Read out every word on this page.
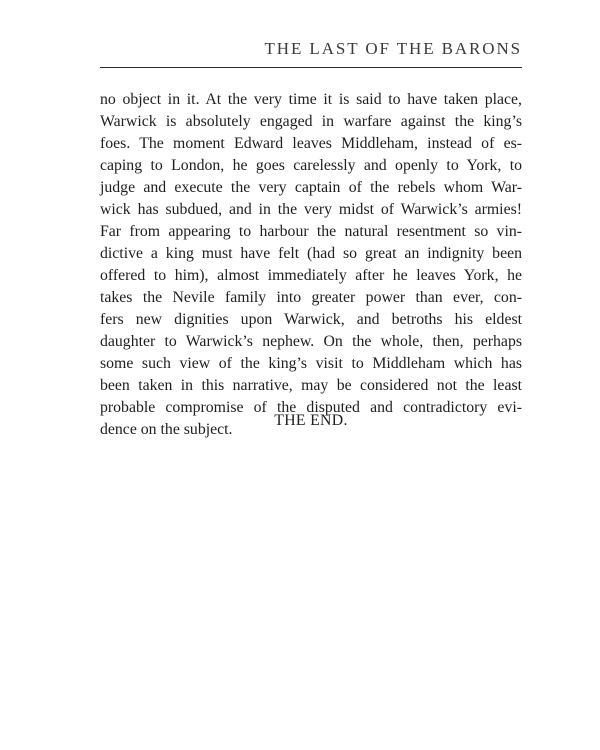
THE LAST OF THE BARONS
no object in it. At the very time it is said to have taken place,
Warwick is absolutely engaged in warfare against the king’s
foes. The moment Edward leaves Middleham, instead of es-
caping to London, he goes carelessly and openly to York, to
judge and execute the very captain of the rebels whom War-
wick has subdued, and in the very midst of Warwick’s armies!
Far from appearing to harbour the natural resentment so vin-
dictive a king must have felt (had so great an indignity been
offered to him), almost immediately after he leaves York, he
takes the Nevile family into greater power than ever, con-
fers new dignities upon Warwick, and betroths his eldest
daughter to Warwick’s nephew. On the whole, then, perhaps
some such view of the king’s visit to Middleham which has
been taken in this narrative, may be considered not the least
probable compromise of the disputed and contradictory evi-
dence on the subject.
THE END.
